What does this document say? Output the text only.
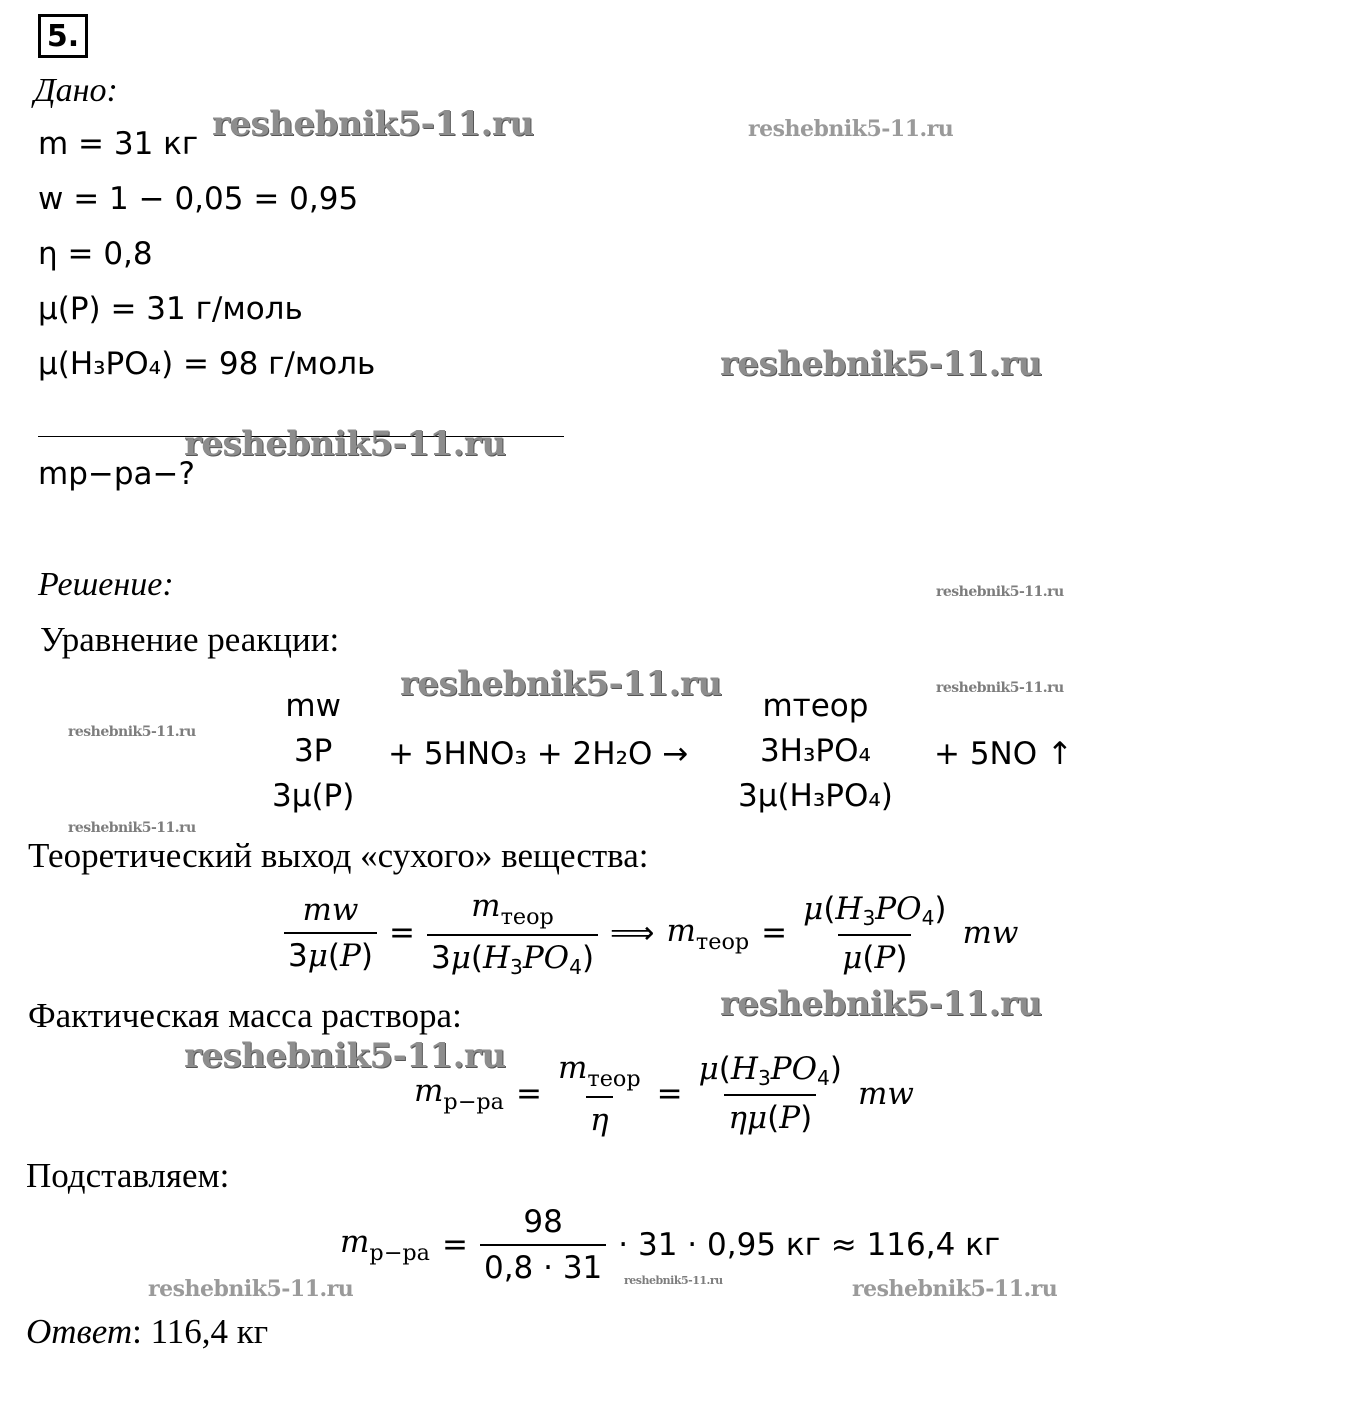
5.
Дано:
m = 31 кг
w = 1 − 0,05 = 0,95
η = 0,8
μ(P) = 31 г/моль
μ(H₃PO₄) = 98 г/моль
mр−ра−?
Решение:
Уравнение реакции:
mw
3P
3μ(P)
+ 5HNO₃ + 2H₂O →
mтеор
3H₃PO₄
3μ(H₃PO₄)
+ 5NO ↑
Теоретический выход «сухого» вещества:
$\frac{mw}{3\mu(P)} = \frac{m_{теор}}{3\mu(H_3PO_4)}$ ⟹ $m_{теор} = \frac{\mu(H_3PO_4)}{\mu(P)}$ mw
Фактическая масса раствора:
$m_{р-ра} = \frac{m_{теор}}{\eta} = \frac{\mu(H_3PO_4)}{\eta\mu(P)}$ mw
Подставляем:
$m_{р-ра} = \frac{98}{0,8 \cdot 31} \cdot 31 \cdot 0,95$ кг ≈ 116,4 кг
Ответ: 116,4 кг
reshebnik5-11.ru	reshebnik5-11.ru
reshebnik5-11.ru
reshebnik5-11.ru
reshebnik5-11.ru
reshebnik5-11.ru	reshebnik5-11.ru
reshebnik5-11.ru
reshebnik5-11.ru
reshebnik5-11.ru
reshebnik5-11.ru
reshebnik5-11.ru	reshebnik5-11.ru	reshebnik5-11.ru
